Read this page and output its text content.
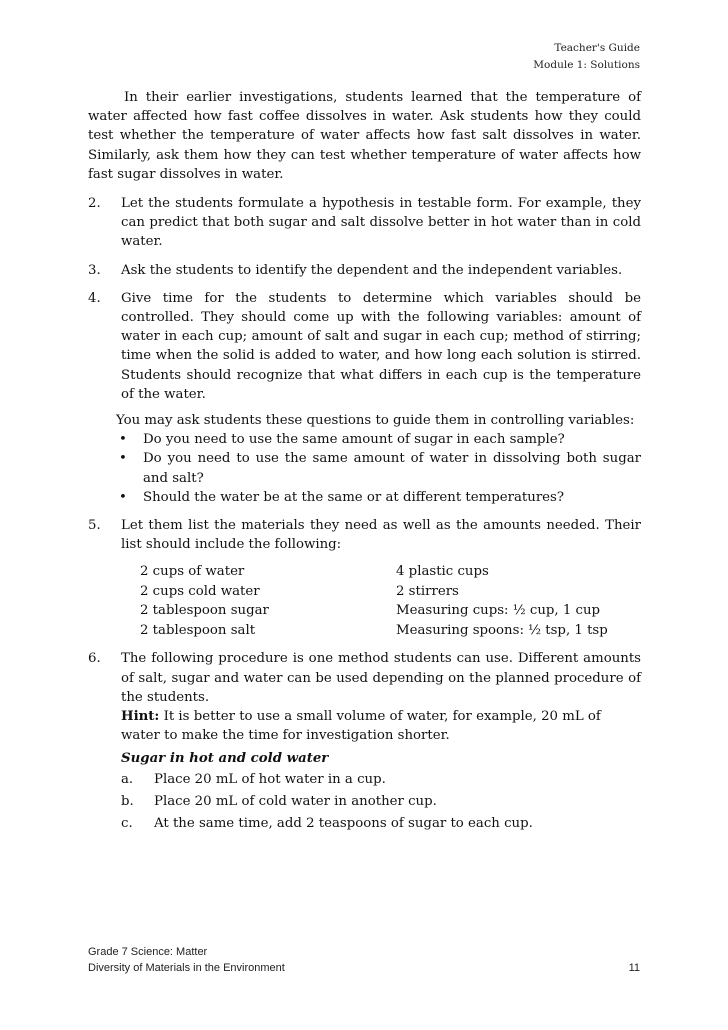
Teacher's Guide
Module 1: Solutions

In their earlier investigations, students learned that the temperature of water affected how fast coffee dissolves in water. Ask students how they could test whether the temperature of water affects how fast salt dissolves in water. Similarly, ask them how they can test whether temperature of water affects how fast sugar dissolves in water.

2. Let the students formulate a hypothesis in testable form. For example, they can predict that both sugar and salt dissolve better in hot water than in cold water.

3. Ask the students to identify the dependent and the independent variables.

4. Give time for the students to determine which variables should be controlled. They should come up with the following variables: amount of water in each cup; amount of salt and sugar in each cup; method of stirring; time when the solid is added to water, and how long each solution is stirred. Students should recognize that what differs in each cup is the temperature of the water.

You may ask students these questions to guide them in controlling variables:

• Do you need to use the same amount of sugar in each sample?
• Do you need to use the same amount of water in dissolving both sugar and salt?
• Should the water be at the same or at different temperatures?
5. Let them list the materials they need as well as the amounts needed. Their list should include the following:

2 cups of water
2 cups cold water
2 tablespoon sugar
2 tablespoon salt
4 plastic cups
2 stirrers
Measuring cups: ½ cup, 1 cup
Measuring spoons: ½ tsp, 1 tsp
6. The following procedure is one method students can use. Different amounts of salt, sugar and water can be used depending on the planned procedure of the students.

Hint: It is better to use a small volume of water, for example, 20 mL of water to make the time for investigation shorter.

Sugar in hot and cold water
a. Place 20 mL of hot water in a cup.
b. Place 20 mL of cold water in another cup.
c. At the same time, add 2 teaspoons of sugar to each cup.
Grade 7 Science: Matter
Diversity of Materials in the Environment	11
